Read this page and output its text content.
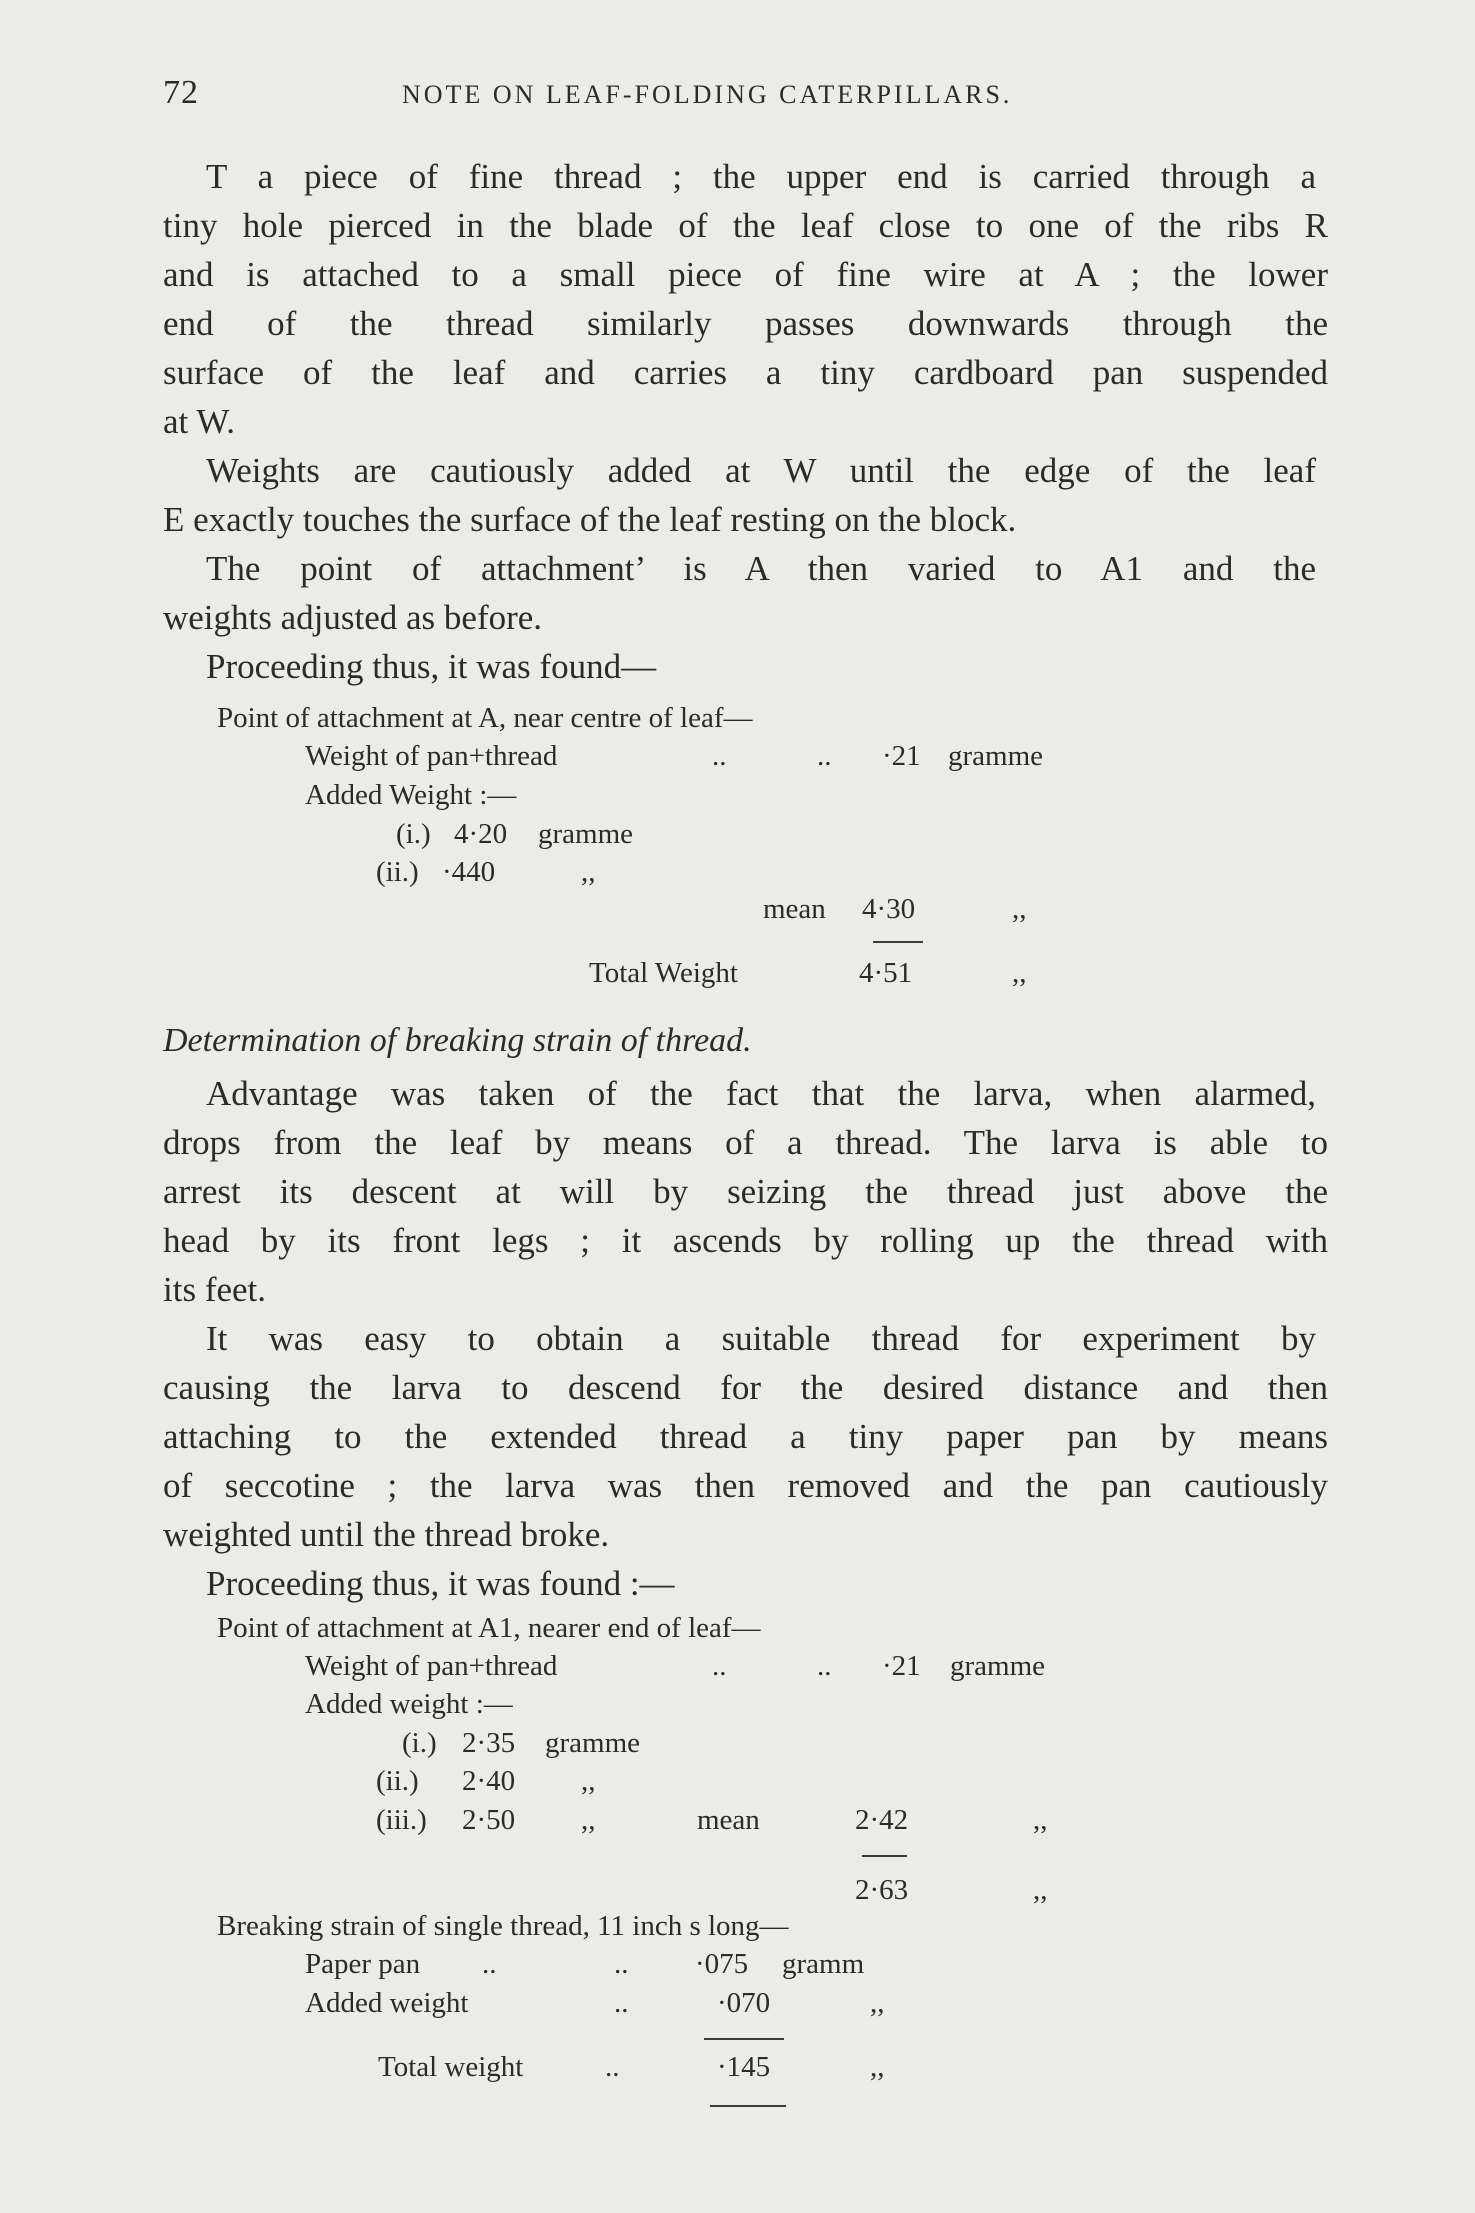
72	NOTE ON LEAF-FOLDING CATERPILLARS.
T a piece of fine thread ; the upper end is carried through a
tiny hole pierced in the blade of the leaf close to one of the ribs R
and is attached to a small piece of fine wire at A ; the lower
end of the thread similarly passes downwards through the
surface of the leaf and carries a tiny cardboard pan suspended
at W.
Weights are cautiously added at W until the edge of the leaf
E exactly touches the surface of the leaf resting on the block.
The point of attachment’ is A then varied to A1 and the
weights adjusted as before.
Proceeding thus, it was found—
Point of attachment at A, near centre of leaf—
Weight of pan+thread	..	.. ·21 gramme
Added Weight :—
(i.) 4·20 gramme
(ii.) ·440	,,
mean 4·30	,,
Total Weight	4·51	,,
Determination of breaking strain of thread.
Advantage was taken of the fact that the larva, when alarmed,
drops from the leaf by means of a thread. The larva is able to
arrest its descent at will by seizing the thread just above the
head by its front legs ; it ascends by rolling up the thread with
its feet.
It was easy to obtain a suitable thread for experiment by
causing the larva to descend for the desired distance and then
attaching to the extended thread a tiny paper pan by means
of seccotine ; the larva was then removed and the pan cautiously
weighted until the thread broke.
Proceeding thus, it was found :—
Point of attachment at A1, nearer end of leaf—
Weight of pan+thread	..	.. ·21 gramme
Added weight :—
(i.) 2·35 gramme
(ii.) 2·40 ,,
(iii.) 2·50 ,,	mean	2·42	,,
2·63	,,
Breaking strain of single thread, 11 inch s long—
Paper pan ..	.. ·075 gramm
Added weight	..	·070	,,
Total weight	..	·145	,,
